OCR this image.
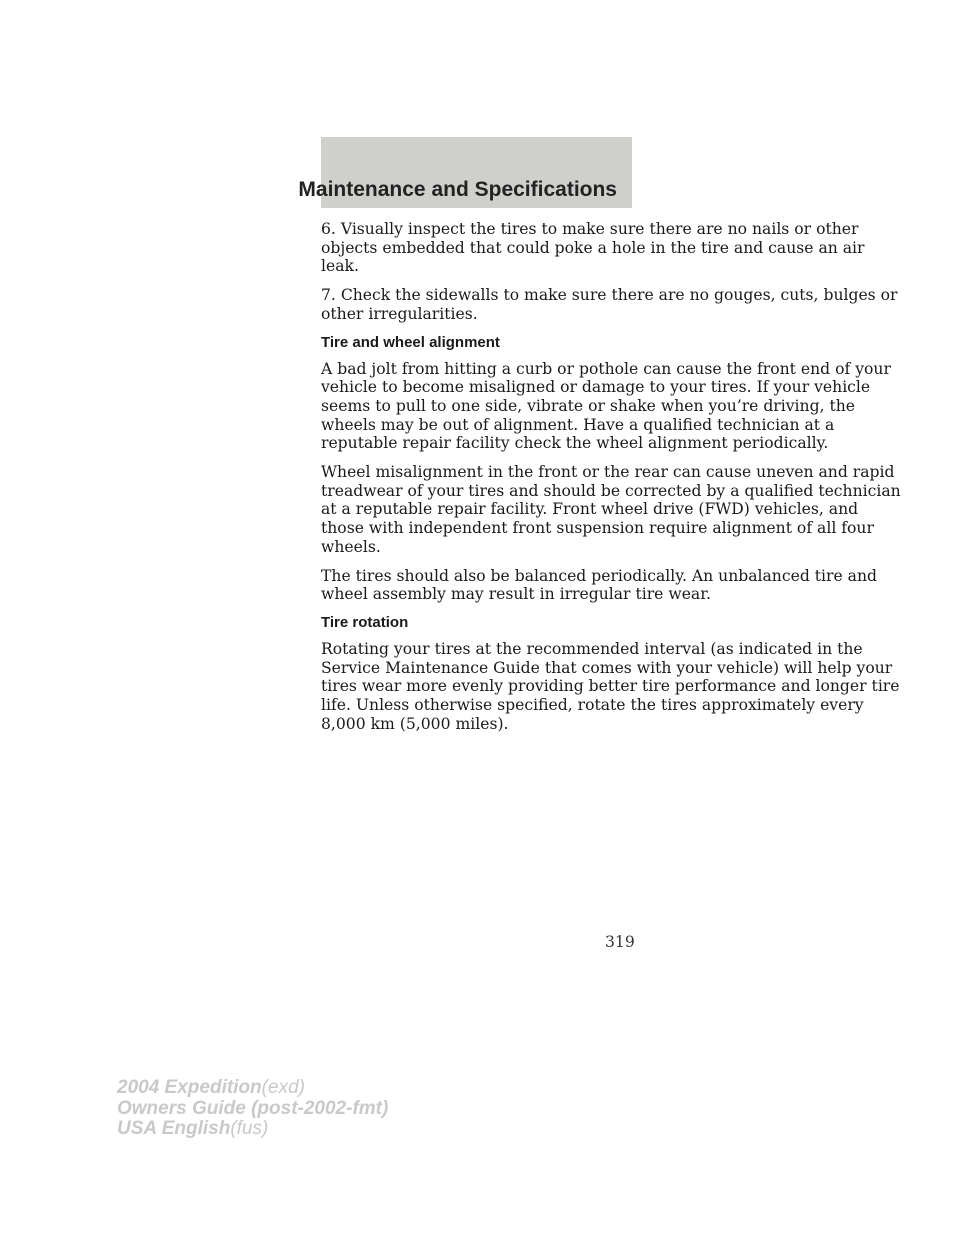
Maintenance and Specifications

6. Visually inspect the tires to make sure there are no nails or other
objects embedded that could poke a hole in the tire and cause an air
leak.

7. Check the sidewalls to make sure there are no gouges, cuts, bulges or
other irregularities.

Tire and wheel alignment

A bad jolt from hitting a curb or pothole can cause the front end of your
vehicle to become misaligned or damage to your tires. If your vehicle
seems to pull to one side, vibrate or shake when you’re driving, the
wheels may be out of alignment. Have a qualified technician at a
reputable repair facility check the wheel alignment periodically.

Wheel misalignment in the front or the rear can cause uneven and rapid
treadwear of your tires and should be corrected by a qualified technician
at a reputable repair facility. Front wheel drive (FWD) vehicles, and
those with independent front suspension require alignment of all four
wheels.

The tires should also be balanced periodically. An unbalanced tire and
wheel assembly may result in irregular tire wear.

Tire rotation

Rotating your tires at the recommended interval (as indicated in the
Service Maintenance Guide that comes with your vehicle) will help your
tires wear more evenly providing better tire performance and longer tire
life. Unless otherwise specified, rotate the tires approximately every
8,000 km (5,000 miles).

319
2004 Expedition(exd)
Owners Guide (post-2002-fmt)
USA English(fus)
